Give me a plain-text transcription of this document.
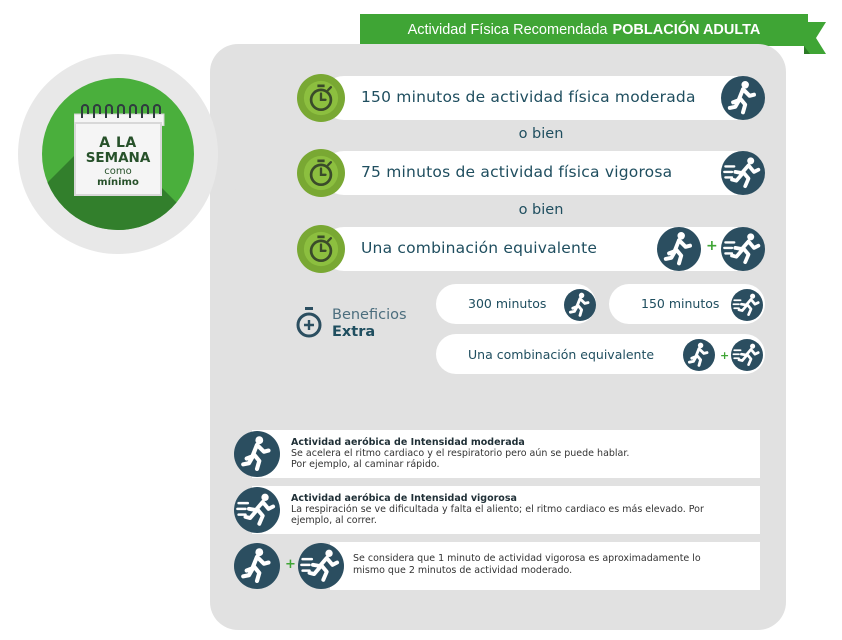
Actividad Física Recomendada POBLACIÓN ADULTA
A LA
SEMANA
como
mínimo
150 minutos de actividad física moderada
o bien
75 minutos de actividad física vigorosa
o bien
Una combinación equivalente	+
Beneficios
Extra
300 minutos	150 minutos
Una combinación equivalente	+
Actividad aeróbica de Intensidad moderada
Se acelera el ritmo cardiaco y el respiratorio pero aún se puede hablar.
Por ejemplo, al caminar rápido.
Actividad aeróbica de Intensidad vigorosa
La respiración se ve dificultada y falta el aliento; el ritmo cardiaco es más elevado. Por
ejemplo, al correr.
+	Se considera que 1 minuto de actividad vigorosa es aproximadamente lo
mismo que 2 minutos de actividad moderado.
